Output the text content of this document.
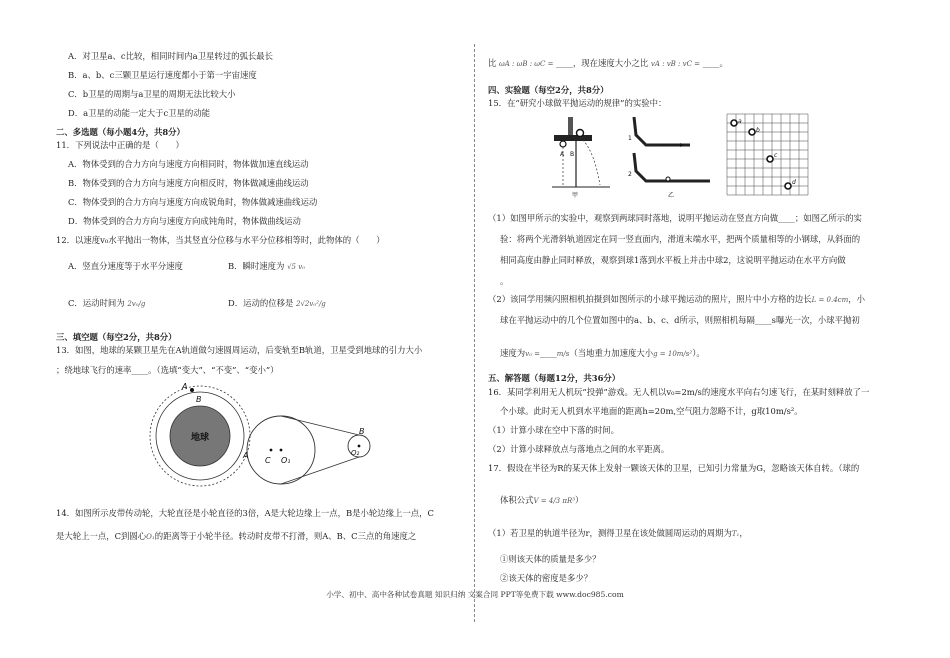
A．对卫星a、c比较，相同时间内a卫星转过的弧长最长
B．a、b、c三颗卫星运行速度都小于第一宇宙速度
C．b卫星的周期与a卫星的周期无法比较大小
D．a卫星的动能一定大于c卫星的动能
二、多选题（每小题4分，共8分）
11．下列说法中正确的是（　　）
A．物体受到的合力方向与速度方向相同时，物体做加速直线运动
B．物体受到的合力方向与速度方向相反时，物体做减速曲线运动
C．物体受到的合力方向与速度方向成锐角时，物体做减速曲线运动
D．物体受到的合力方向与速度方向成钝角时，物体做曲线运动
12．以速度v₀水平抛出一物体，当其竖直分位移与水平分位移相等时，此物体的（　　）
A．竖直分速度等于水平分速度	B．瞬时速度为 √5 v₀
C．运动时间为 2v₀/g	D．运动的位移是 2√2v₀²/g
三、填空题（每空2分，共8分）
13．如图，地球的某颗卫星先在A轨道做匀速圆周运动，后变轨至B轨道，卫星受到地球的引力大小
；绕地球飞行的速率____。（选填“变大”、“不变”、“变小”）
地球
A
B
A
C O₁
B
O₂
14．如图所示皮带传动轮，大轮直径是小轮直径的3倍，A是大轮边缘上一点，B是小轮边缘上一点，C
是大轮上一点，C到圆心O₁的距离等于小轮半径。转动时皮带不打滑，则A、B、C三点的角速度之
比 ωA : ωB : ωC = ____，现在速度大小之比 vA : vB : vC = ____。
四、实验题（每空2分，共8分）
15．在“研究小球做平抛运动的规律”的实验中：
A B
甲
1
2
乙
a
b
c
d
（1）如图甲所示的实验中，观察到两球同时落地，说明平抛运动在竖直方向做____；如图乙所示的实
验：将两个光滑斜轨道固定在同一竖直面内，滑道末端水平，把两个质量相等的小钢球，从斜面的
相同高度由静止同时释放，观察到球1落到水平板上并击中球2，这说明平抛运动在水平方向做
。
（2）该同学用频闪照相机拍摄到如图所示的小球平抛运动的照片，照片中小方格的边长L = 0.4cm，小
球在平抛运动中的几个位置如图中的a、b、c、d所示，则照相机每隔____s曝光一次，小球平抛初
速度为v₀ =____m/s（当地重力加速度大小g = 10m/s²）。
五、解答题（每题12分，共36分）
16．某同学利用无人机玩“投弹”游戏。无人机以v₀=2m/s的速度水平向右匀速飞行，在某时刻释放了一
个小球。此时无人机到水平地面的距离h=20m,空气阻力忽略不计，g取10m/s²。
（1）计算小球在空中下落的时间。
（2）计算小球释放点与落地点之间的水平距离。
17．假设在半径为R的某天体上发射一颗该天体的卫星，已知引力常量为G，忽略该天体自转。（球的
体积公式V = 4/3 πR³）
（1）若卫星的轨道半径为r，测得卫星在该处做圆周运动的周期为T₁，
①则该天体的质量是多少？
②该天体的密度是多少？
小学、初中、高中各种试卷真题 知识归纳 文案合同 PPT等免费下载 www.doc985.com
